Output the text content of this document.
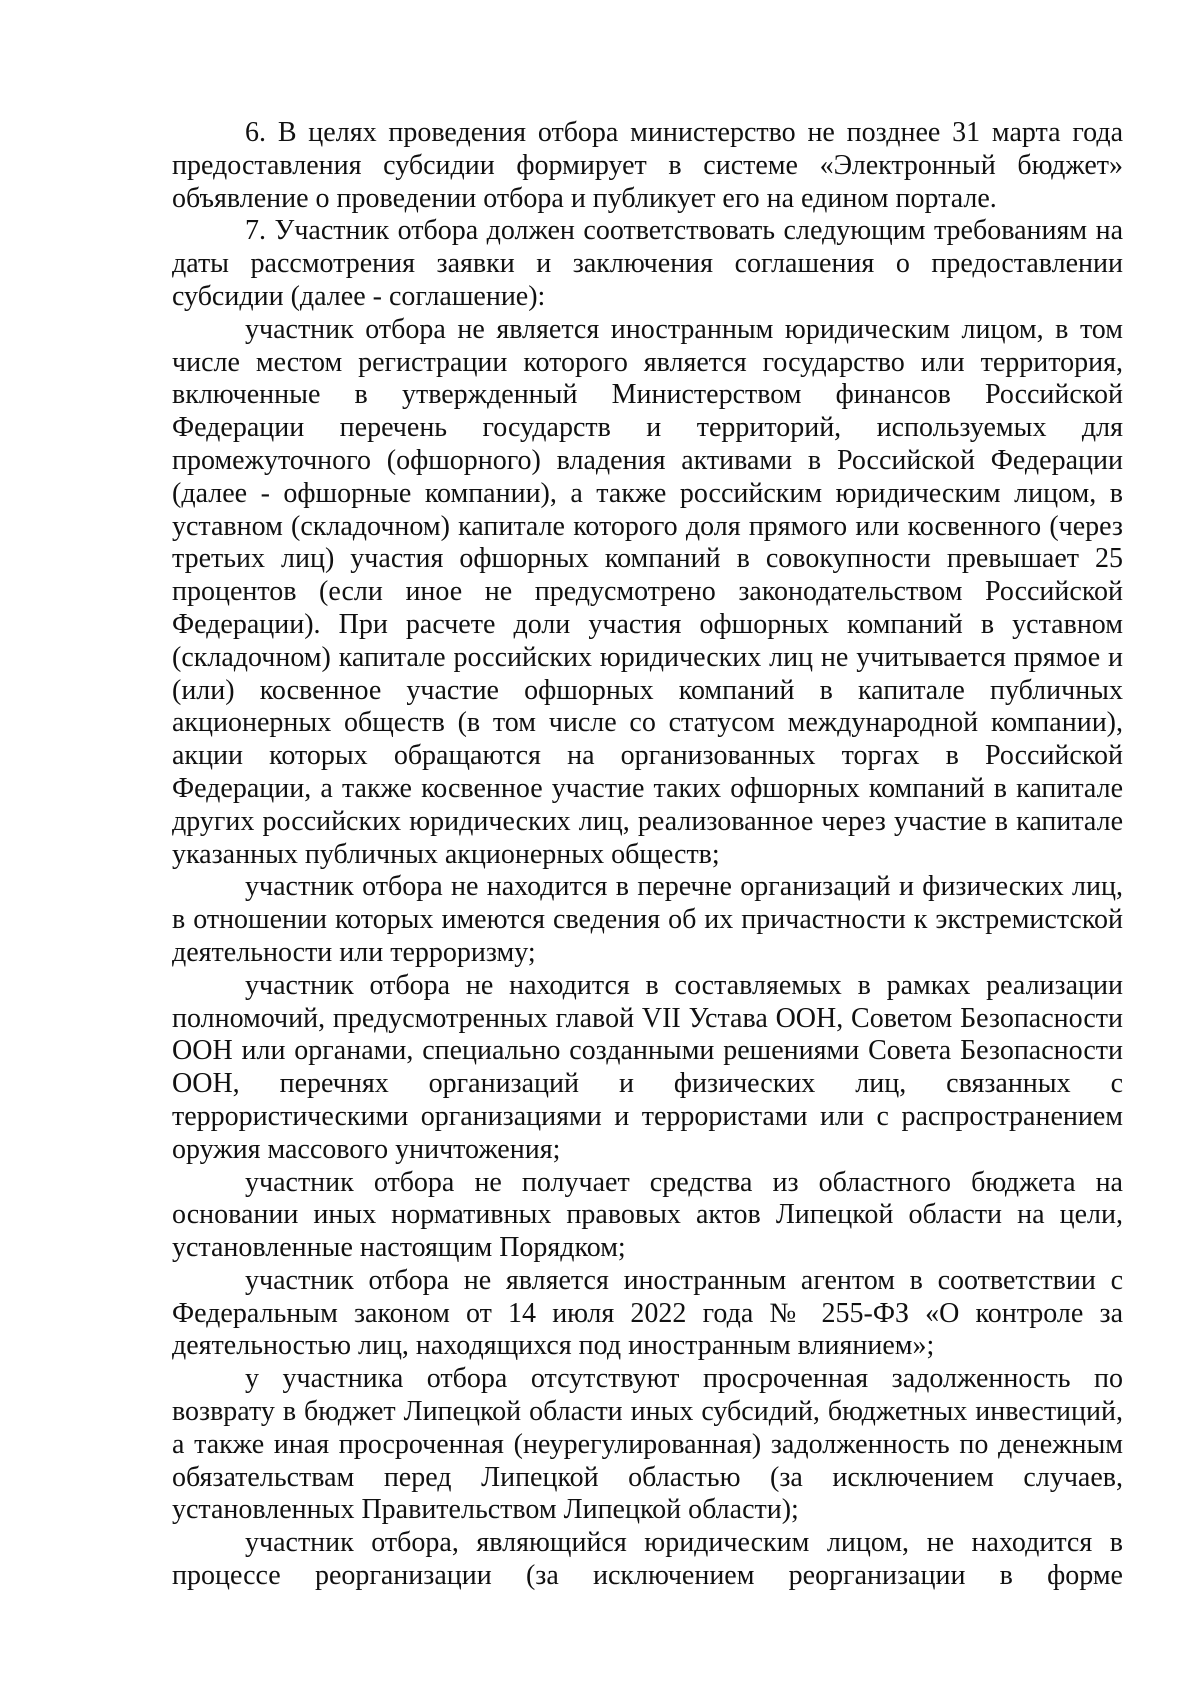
6. В целях проведения отбора министерство не позднее 31 марта года предоставления субсидии формирует в системе «Электронный бюджет» объявление о проведении отбора и публикует его на едином портале.

7. Участник отбора должен соответствовать следующим требованиям на даты рассмотрения заявки и заключения соглашения о предоставлении субсидии (далее - соглашение):

участник отбора не является иностранным юридическим лицом, в том числе местом регистрации которого является государство или территория, включенные в утвержденный Министерством финансов Российской Федерации перечень государств и территорий, используемых для промежуточного (офшорного) владения активами в Российской Федерации (далее - офшорные компании), а также российским юридическим лицом, в уставном (складочном) капитале которого доля прямого или косвенного (через третьих лиц) участия офшорных компаний в совокупности превышает 25 процентов (если иное не предусмотрено законодательством Российской Федерации). При расчете доли участия офшорных компаний в уставном (складочном) капитале российских юридических лиц не учитывается прямое и (или) косвенное участие офшорных компаний в капитале публичных акционерных обществ (в том числе со статусом международной компании), акции которых обращаются на организованных торгах в Российской Федерации, а также косвенное участие таких офшорных компаний в капитале других российских юридических лиц, реализованное через участие в капитале указанных публичных акционерных обществ;

участник отбора не находится в перечне организаций и физических лиц, в отношении которых имеются сведения об их причастности к экстремистской деятельности или терроризму;

участник отбора не находится в составляемых в рамках реализации полномочий, предусмотренных главой VII Устава ООН, Советом Безопасности ООН или органами, специально созданными решениями Совета Безопасности ООН, перечнях организаций и физических лиц, связанных с террористическими организациями и террористами или с распространением оружия массового уничтожения;

участник отбора не получает средства из областного бюджета на основании иных нормативных правовых актов Липецкой области на цели, установленные настоящим Порядком;

участник отбора не является иностранным агентом в соответствии с Федеральным законом от 14 июля 2022 года № 255-ФЗ «О контроле за деятельностью лиц, находящихся под иностранным влиянием»;

у участника отбора отсутствуют просроченная задолженность по возврату в бюджет Липецкой области иных субсидий, бюджетных инвестиций, а также иная просроченная (неурегулированная) задолженность по денежным обязательствам перед Липецкой областью (за исключением случаев, установленных Правительством Липецкой области);

участник отбора, являющийся юридическим лицом, не находится в процессе реорганизации (за исключением реорганизации в форме
